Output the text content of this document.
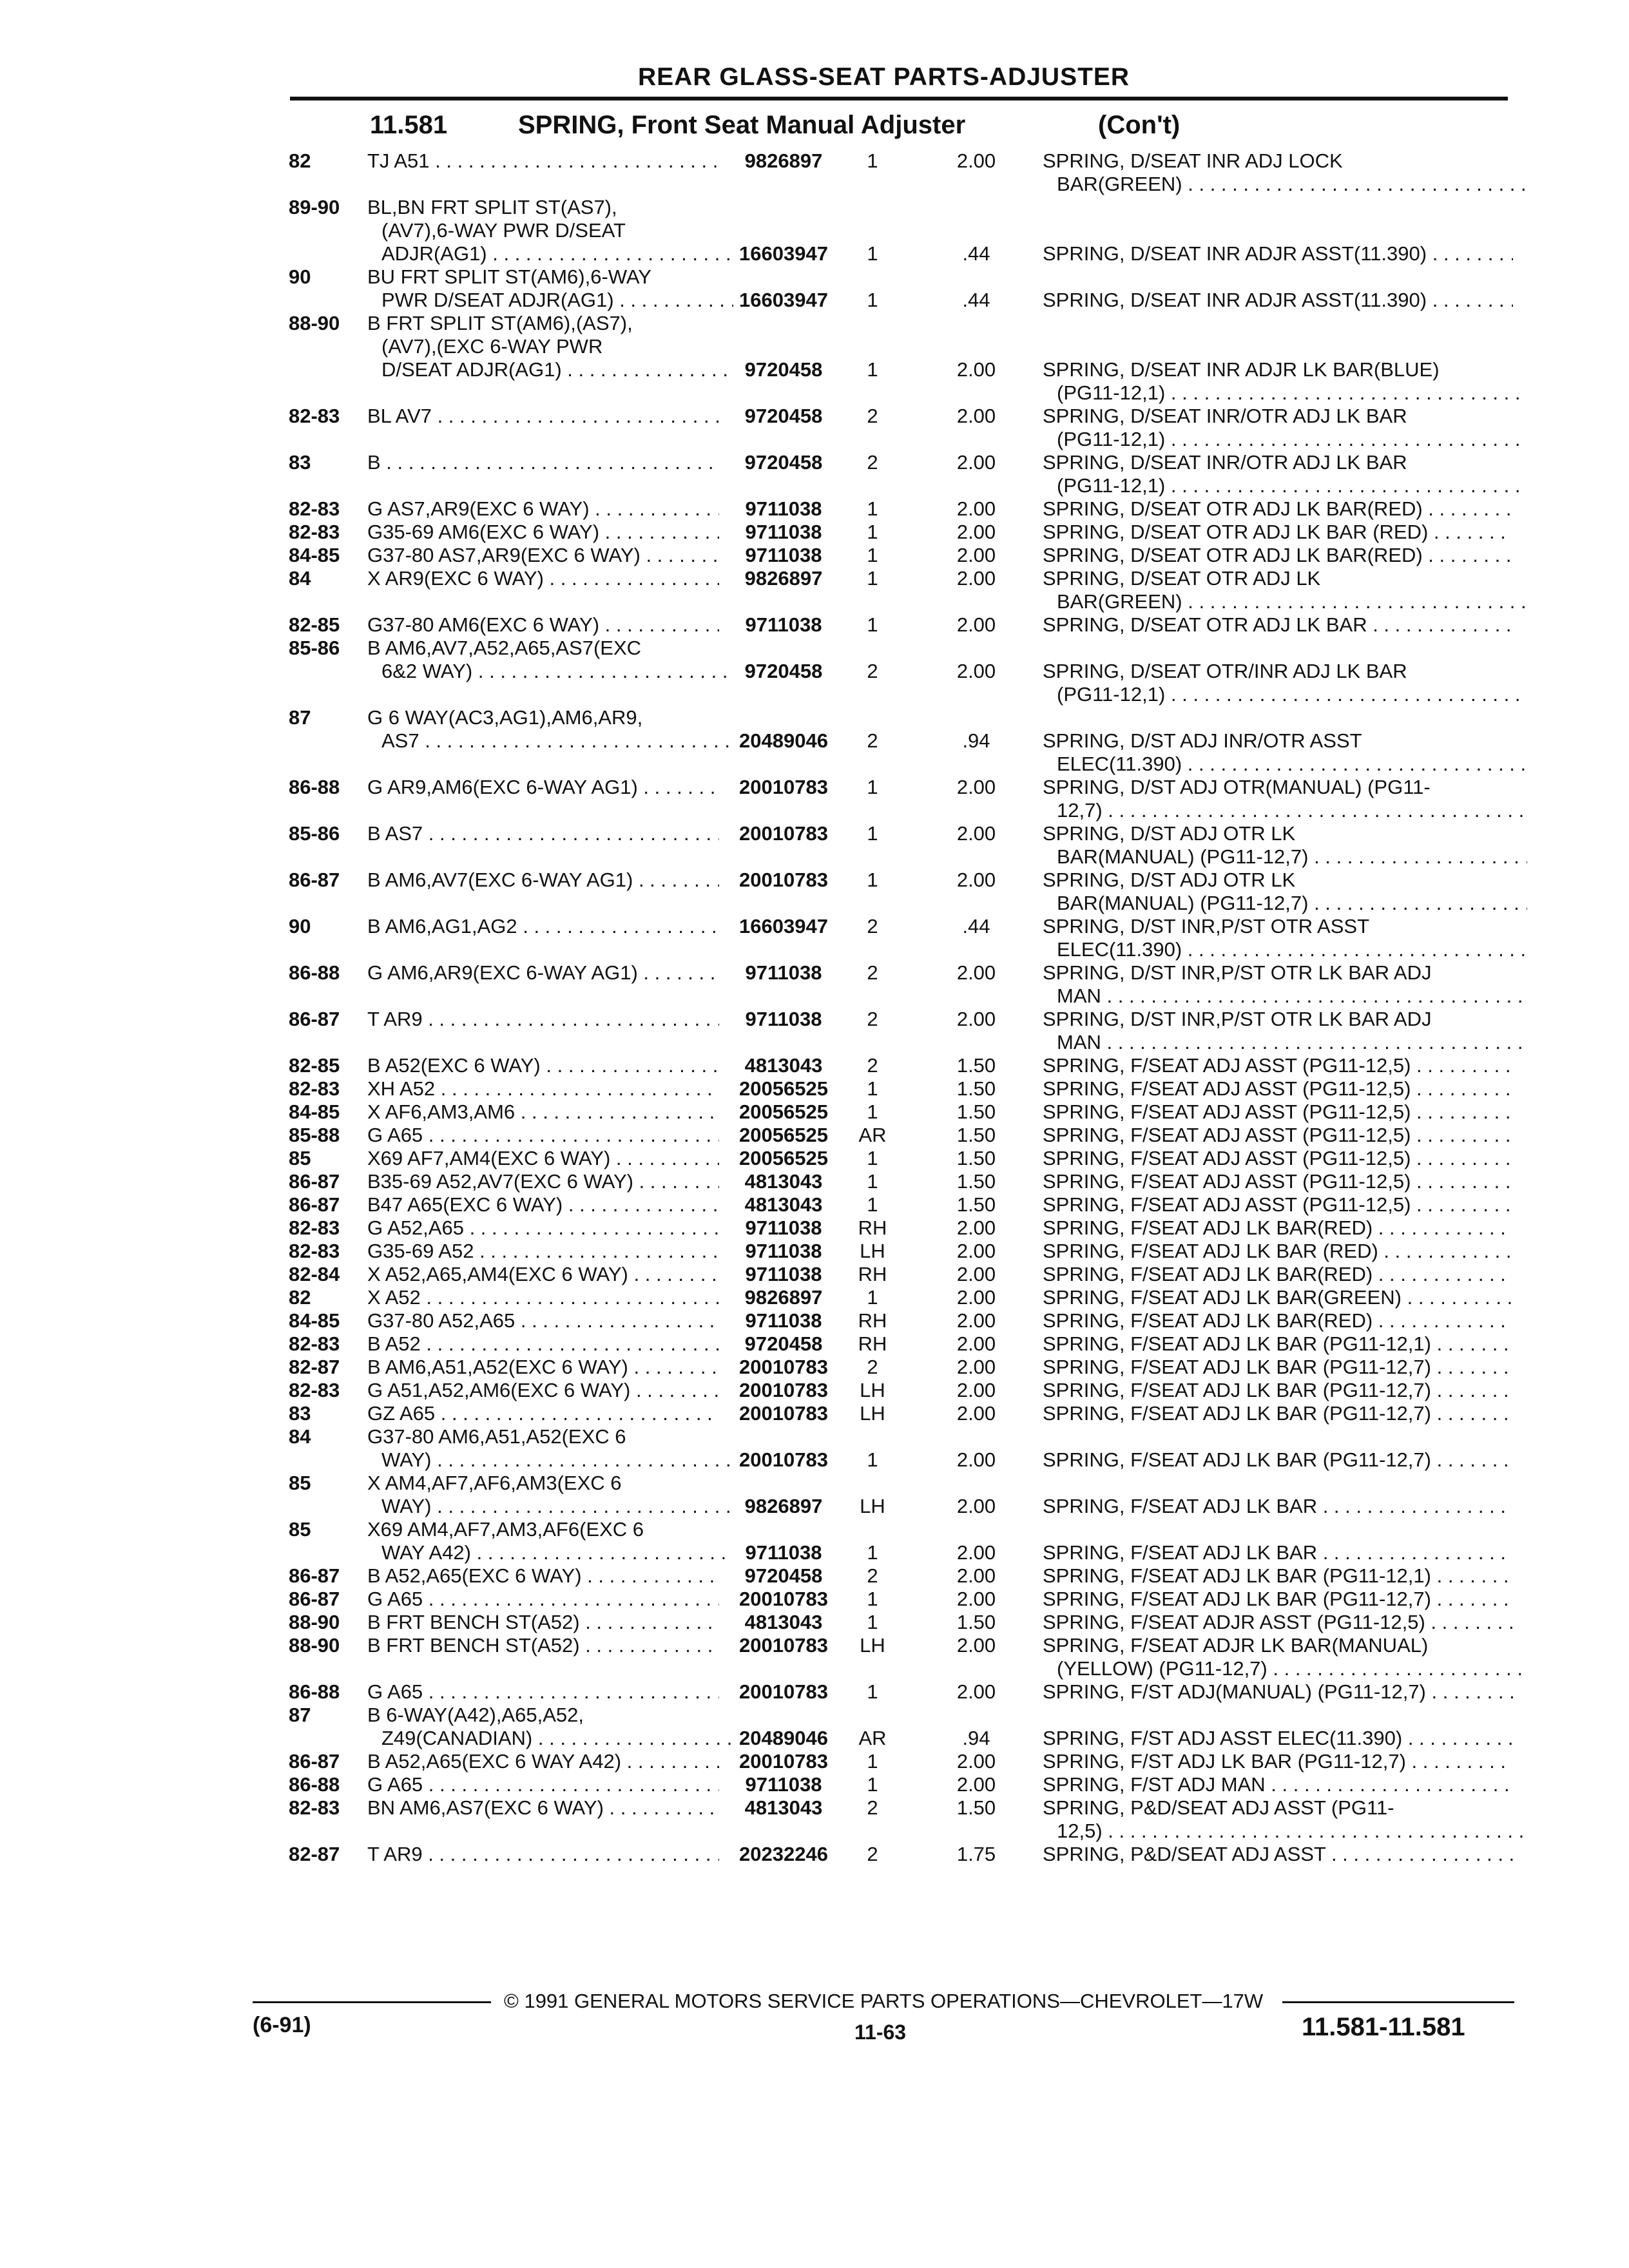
REAR GLASS-SEAT PARTS-ADJUSTER
11.581	SPRING, Front Seat Manual Adjuster	(Con't)
82	TJ A51 . . .	9826897	1	2.00	SPRING, D/SEAT INR ADJ LOCK
BAR(GREEN) . . .
89-90	BL,BN FRT SPLIT ST(AS7),
(AV7),6-WAY PWR D/SEAT
ADJR(AG1) . . .	16603947	1	.44	SPRING, D/SEAT INR ADJR ASST(11.390) . . .
90	BU FRT SPLIT ST(AM6),6-WAY
PWR D/SEAT ADJR(AG1) . . .	16603947	1	.44	SPRING, D/SEAT INR ADJR ASST(11.390) . . .
88-90	B FRT SPLIT ST(AM6),(AS7),
(AV7),(EXC 6-WAY PWR
D/SEAT ADJR(AG1) . . .	9720458	1	2.00	SPRING, D/SEAT INR ADJR LK BAR(BLUE)
(PG11-12,1) . . .
82-83	BL AV7 . . .	9720458	2	2.00	SPRING, D/SEAT INR/OTR ADJ LK BAR
(PG11-12,1) . . .
83	B . . .	9720458	2	2.00	SPRING, D/SEAT INR/OTR ADJ LK BAR
(PG11-12,1) . . .
82-83	G AS7,AR9(EXC 6 WAY) . . .	9711038	1	2.00	SPRING, D/SEAT OTR ADJ LK BAR(RED) . . .
82-83	G35-69 AM6(EXC 6 WAY) . . .	9711038	1	2.00	SPRING, D/SEAT OTR ADJ LK BAR (RED) . . .
84-85	G37-80 AS7,AR9(EXC 6 WAY) . . .	9711038	1	2.00	SPRING, D/SEAT OTR ADJ LK BAR(RED) . . .
84	X AR9(EXC 6 WAY) . . .	9826897	1	2.00	SPRING, D/SEAT OTR ADJ LK
BAR(GREEN) . . .
82-85	G37-80 AM6(EXC 6 WAY) . . .	9711038	1	2.00	SPRING, D/SEAT OTR ADJ LK BAR . . .
85-86	B AM6,AV7,A52,A65,AS7(EXC
6&2 WAY) . . .	9720458	2	2.00	SPRING, D/SEAT OTR/INR ADJ LK BAR
(PG11-12,1) . . .
87	G 6 WAY(AC3,AG1),AM6,AR9,
AS7 . . .	20489046	2	.94	SPRING, D/ST ADJ INR/OTR ASST
ELEC(11.390) . . .
86-88	G AR9,AM6(EXC 6-WAY AG1) . . .	20010783	1	2.00	SPRING, D/ST ADJ OTR(MANUAL) (PG11-
12,7) . . .
85-86	B AS7 . . .	20010783	1	2.00	SPRING, D/ST ADJ OTR LK
BAR(MANUAL) (PG11-12,7) . . .
86-87	B AM6,AV7(EXC 6-WAY AG1) . . .	20010783	1	2.00	SPRING, D/ST ADJ OTR LK
BAR(MANUAL) (PG11-12,7) . . .
90	B AM6,AG1,AG2 . . .	16603947	2	.44	SPRING, D/ST INR,P/ST OTR ASST
ELEC(11.390) . . .
86-88	G AM6,AR9(EXC 6-WAY AG1) . . .	9711038	2	2.00	SPRING, D/ST INR,P/ST OTR LK BAR ADJ
MAN . . .
86-87	T AR9 . . .	9711038	2	2.00	SPRING, D/ST INR,P/ST OTR LK BAR ADJ
MAN . . .
82-85	B A52(EXC 6 WAY) . . .	4813043	2	1.50	SPRING, F/SEAT ADJ ASST (PG11-12,5) . . .
82-83	XH A52 . . .	20056525	1	1.50	SPRING, F/SEAT ADJ ASST (PG11-12,5) . . .
84-85	X AF6,AM3,AM6 . . .	20056525	1	1.50	SPRING, F/SEAT ADJ ASST (PG11-12,5) . . .
85-88	G A65 . . .	20056525	AR	1.50	SPRING, F/SEAT ADJ ASST (PG11-12,5) . . .
85	X69 AF7,AM4(EXC 6 WAY) . . .	20056525	1	1.50	SPRING, F/SEAT ADJ ASST (PG11-12,5) . . .
86-87	B35-69 A52,AV7(EXC 6 WAY) . . .	4813043	1	1.50	SPRING, F/SEAT ADJ ASST (PG11-12,5) . . .
86-87	B47 A65(EXC 6 WAY) . . .	4813043	1	1.50	SPRING, F/SEAT ADJ ASST (PG11-12,5) . . .
82-83	G A52,A65 . . .	9711038	RH	2.00	SPRING, F/SEAT ADJ LK BAR(RED) . . .
82-83	G35-69 A52 . . .	9711038	LH	2.00	SPRING, F/SEAT ADJ LK BAR (RED) . . .
82-84	X A52,A65,AM4(EXC 6 WAY) . . .	9711038	RH	2.00	SPRING, F/SEAT ADJ LK BAR(RED) . . .
82	X A52 . . .	9826897	1	2.00	SPRING, F/SEAT ADJ LK BAR(GREEN) . . .
84-85	G37-80 A52,A65 . . .	9711038	RH	2.00	SPRING, F/SEAT ADJ LK BAR(RED) . . .
82-83	B A52 . . .	9720458	RH	2.00	SPRING, F/SEAT ADJ LK BAR (PG11-12,1) . . .
82-87	B AM6,A51,A52(EXC 6 WAY) . . .	20010783	2	2.00	SPRING, F/SEAT ADJ LK BAR (PG11-12,7) . . .
82-83	G A51,A52,AM6(EXC 6 WAY) . . .	20010783	LH	2.00	SPRING, F/SEAT ADJ LK BAR (PG11-12,7) . . .
83	GZ A65 . . .	20010783	LH	2.00	SPRING, F/SEAT ADJ LK BAR (PG11-12,7) . . .
84	G37-80 AM6,A51,A52(EXC 6
WAY) . . .	20010783	1	2.00	SPRING, F/SEAT ADJ LK BAR (PG11-12,7) . . .
85	X AM4,AF7,AF6,AM3(EXC 6
WAY) . . .	9826897	LH	2.00	SPRING, F/SEAT ADJ LK BAR . . .
85	X69 AM4,AF7,AM3,AF6(EXC 6
WAY A42) . . .	9711038	1	2.00	SPRING, F/SEAT ADJ LK BAR . . .
86-87	B A52,A65(EXC 6 WAY) . . .	9720458	2	2.00	SPRING, F/SEAT ADJ LK BAR (PG11-12,1) . . .
86-87	G A65 . . .	20010783	1	2.00	SPRING, F/SEAT ADJ LK BAR (PG11-12,7) . . .
88-90	B FRT BENCH ST(A52) . . .	4813043	1	1.50	SPRING, F/SEAT ADJR ASST (PG11-12,5) . . .
88-90	B FRT BENCH ST(A52) . . .	20010783	LH	2.00	SPRING, F/SEAT ADJR LK BAR(MANUAL)
(YELLOW) (PG11-12,7) . . .
86-88	G A65 . . .	20010783	1	2.00	SPRING, F/ST ADJ(MANUAL) (PG11-12,7) . . .
87	B 6-WAY(A42),A65,A52,
Z49(CANADIAN) . . .	20489046	AR	.94	SPRING, F/ST ADJ ASST ELEC(11.390) . . .
86-87	B A52,A65(EXC 6 WAY A42) . . .	20010783	1	2.00	SPRING, F/ST ADJ LK BAR (PG11-12,7) . . .
86-88	G A65 . . .	9711038	1	2.00	SPRING, F/ST ADJ MAN . . .
82-83	BN AM6,AS7(EXC 6 WAY) . . .	4813043	2	1.50	SPRING, P&D/SEAT ADJ ASST (PG11-
12,5) . . .
82-87	T AR9 . . .	20232246	2	1.75	SPRING, P&D/SEAT ADJ ASST . . .
© 1991 GENERAL MOTORS SERVICE PARTS OPERATIONS—CHEVROLET—17W
(6-91)	11-63	11.581-11.581
